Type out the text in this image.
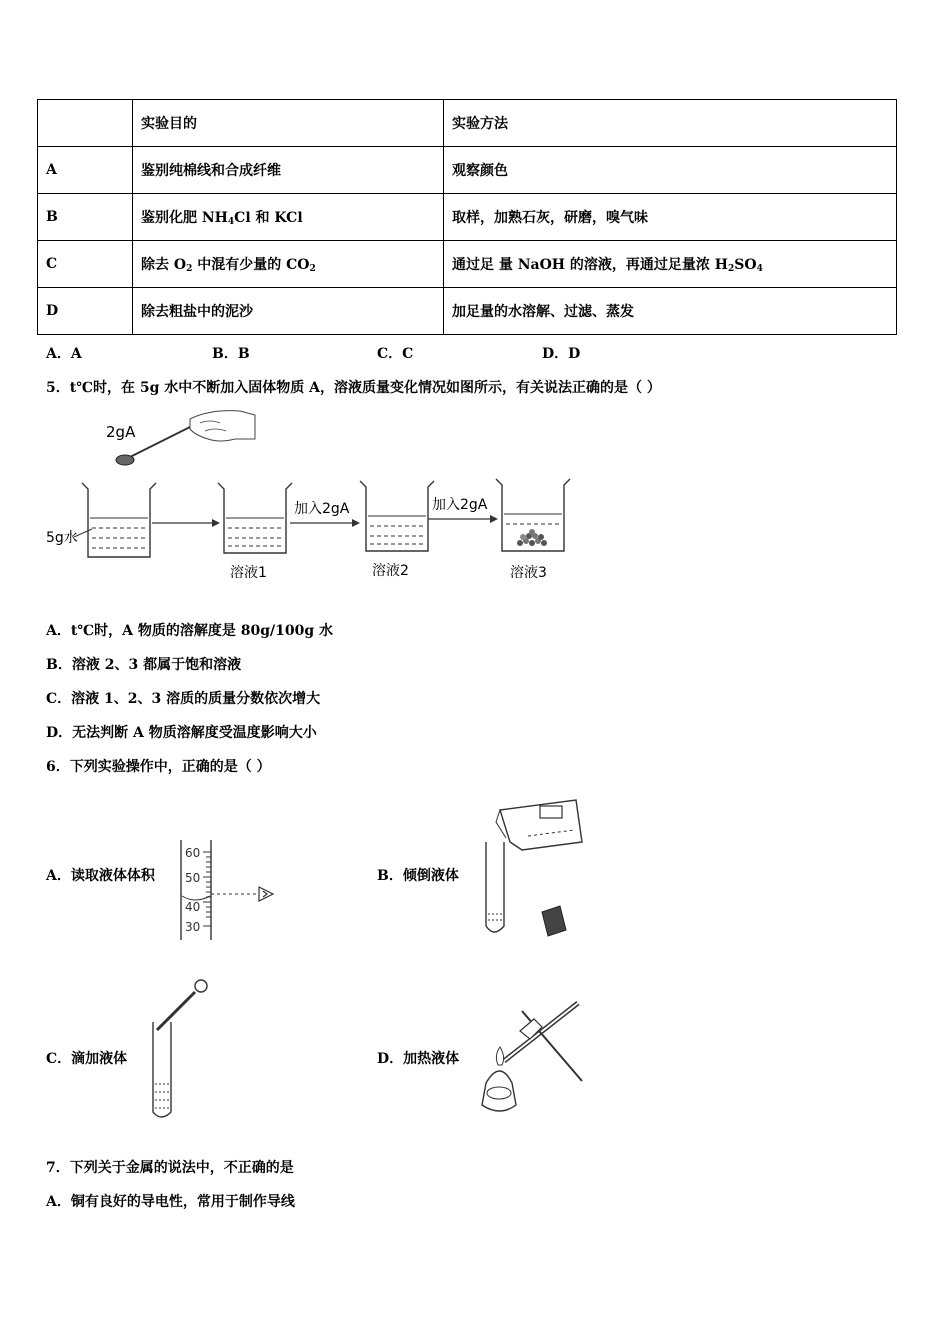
	实验目的	实验方法
A	鉴别纯棉线和合成纤维	观察颜色
B	鉴别化肥 $NH_4Cl$ 和 KCl	取样，加熟石灰，研磨，嗅气味
C	除去 $O_2$ 中混有少量的 $CO_2$	通过足 量 NaOH 的溶液，再通过足量浓 $H_2SO_4$
D	除去粗盐中的泥沙	加足量的水溶解、过滤、蒸发
A．A	B．B	C．C	D．D
5．t℃时，在 5g 水中不断加入固体物质 A，溶液质量变化情况如图所示，有关说法正确的是（ ）
2gA
5g水
溶液1
加入2gA
溶液2
加入2gA
溶液3
A．t℃时，A 物质的溶解度是 80g/100g 水
B．溶液 2、3 都属于饱和溶液
C．溶液 1、2、3 溶质的质量分数依次增大
D．无法判断 A 物质溶解度受温度影响大小
6．下列实验操作中，正确的是（ ）
A．读取液体体积
60
50
40
30
B．倾倒液体
C．滴加液体	D．加热液体
7．下列关于金属的说法中，不正确的是
A．铜有良好的导电性，常用于制作导线
